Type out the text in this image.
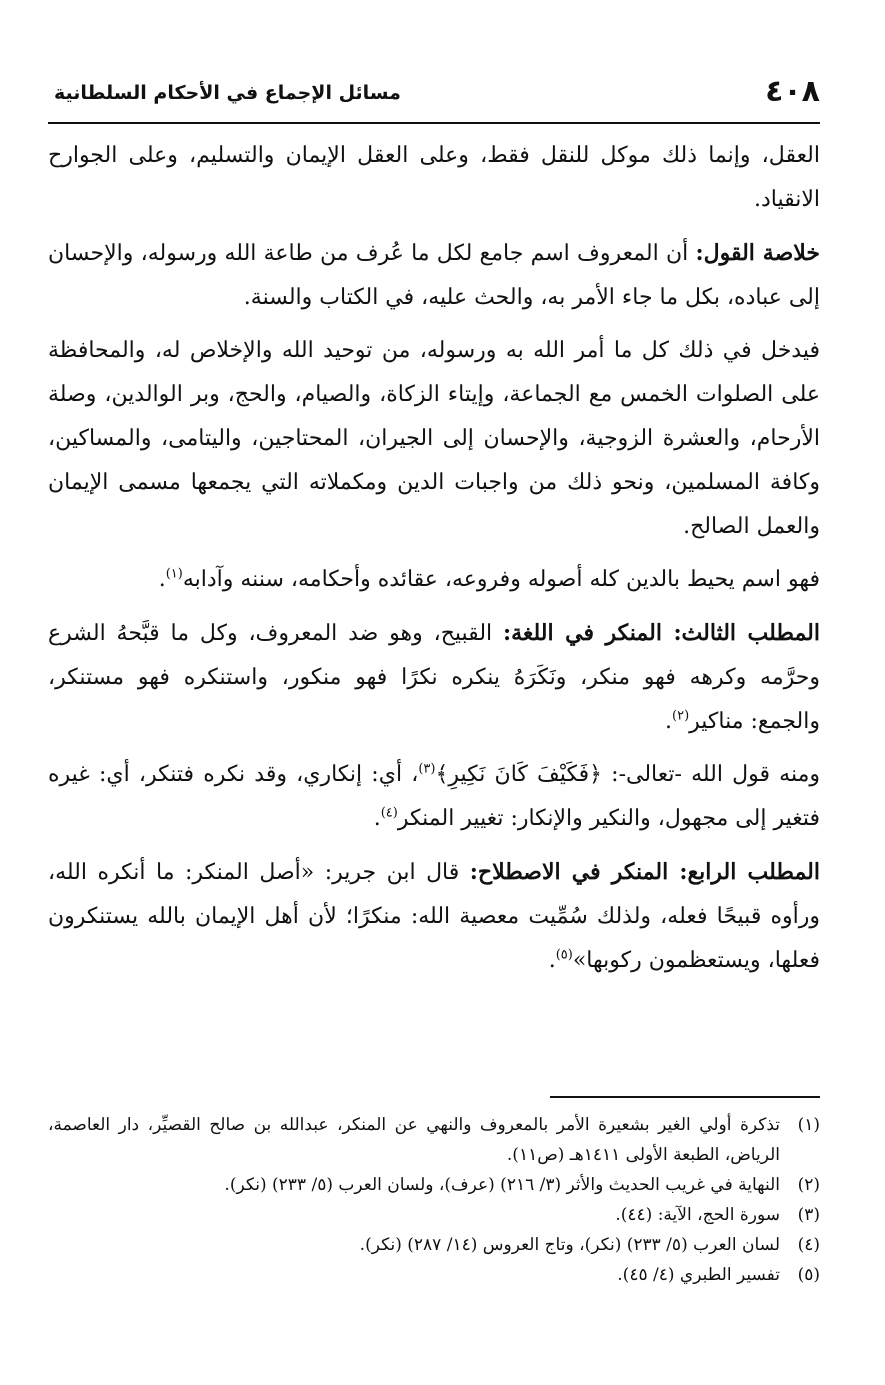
٤٠٨
مسائل الإجماع في الأحكام السلطانية

العقل، وإنما ذلك موكل للنقل فقط، وعلى العقل الإيمان والتسليم، وعلى الجوارح الانقياد.

خلاصة القول: أن المعروف اسم جامع لكل ما عُرف من طاعة الله ورسوله، والإحسان إلى عباده، بكل ما جاء الأمر به، والحث عليه، في الكتاب والسنة.

فيدخل في ذلك كل ما أمر الله به ورسوله، من توحيد الله والإخلاص له، والمحافظة على الصلوات الخمس مع الجماعة، وإيتاء الزكاة، والصيام، والحج، وبر الوالدين، وصلة الأرحام، والعشرة الزوجية، والإحسان إلى الجيران، المحتاجين، واليتامى، والمساكين، وكافة المسلمين، ونحو ذلك من واجبات الدين ومكملاته التي يجمعها مسمى الإيمان والعمل الصالح.

فهو اسم يحيط بالدين كله أصوله وفروعه، عقائده وأحكامه، سننه وآدابه$^{(١)}$.

المطلب الثالث: المنكر في اللغة: القبيح، وهو ضد المعروف، وكل ما قبَّحهُ الشرع وحرَّمه وكرهه فهو منكر، ونَكَرَهُ ينكره نكرًا فهو منكور، واستنكره فهو مستنكر، والجمع: مناكير$^{(٢)}$.

ومنه قول الله -تعالى-: ﴿فَكَيْفَ كَانَ نَكِيرِ﴾$^{(٣)}$، أي: إنكاري، وقد نكره فتنكر، أي: غيره فتغير إلى مجهول، والنكير والإنكار: تغيير المنكر$^{(٤)}$.

المطلب الرابع: المنكر في الاصطلاح: قال ابن جرير: «أصل المنكر: ما أنكره الله، ورأوه قبيحًا فعله، ولذلك سُمِّيت معصية الله: منكرًا؛ لأن أهل الإيمان بالله يستنكرون فعلها، ويستعظمون ركوبها»$^{(٥)}$.

(١)
تذكرة أولي الغير بشعيرة الأمر بالمعروف والنهي عن المنكر، عبدالله بن صالح القصيِّر، دار العاصمة، الرياض، الطبعة الأولى ١٤١١هـ (ص١١).
(٢)
النهاية في غريب الحديث والأثر (٣/ ٢١٦) (عرف)، ولسان العرب (٥/ ٢٣٣) (نكر).
(٣)
سورة الحج، الآية: (٤٤).
(٤)
لسان العرب (٥/ ٢٣٣) (نكر)، وتاج العروس (١٤/ ٢٨٧) (نكر).
(٥)
تفسير الطبري (٤/ ٤٥).
